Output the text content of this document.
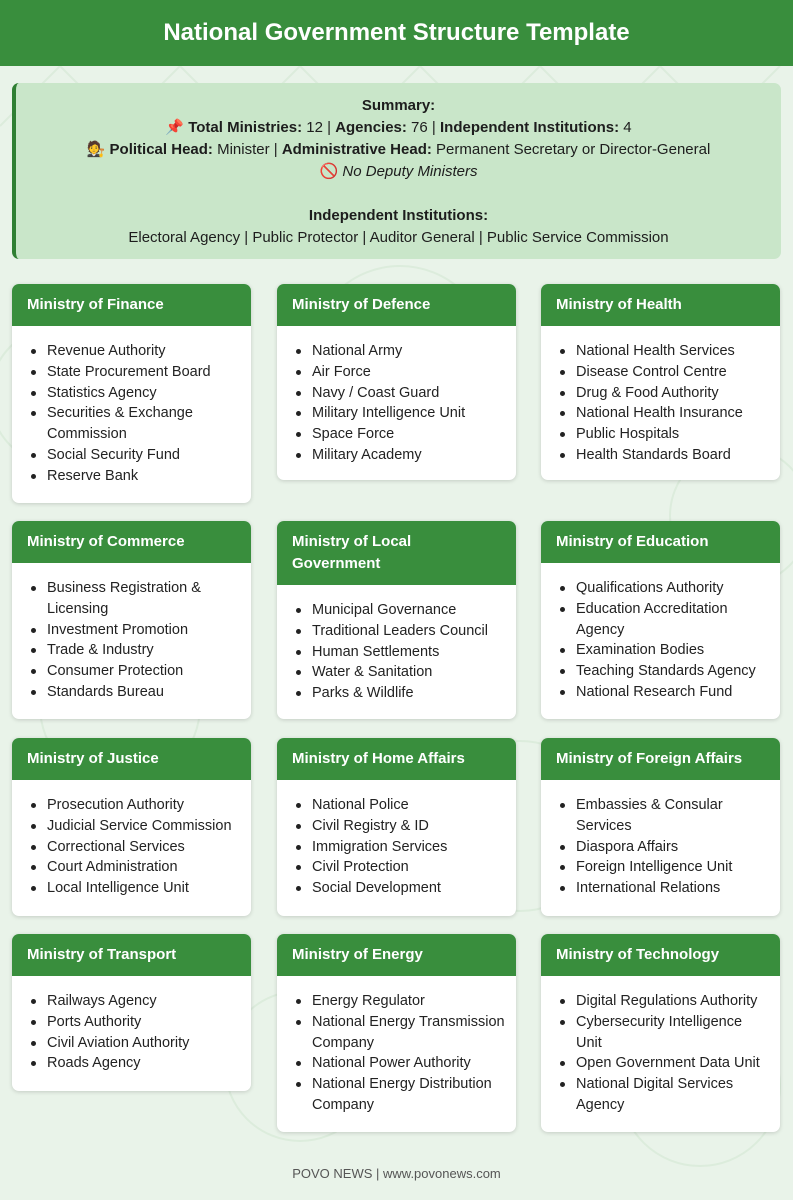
National Government Structure Template
Summary:
📌 Total Ministries: 12 | Agencies: 76 | Independent Institutions: 4
🧑‍⚖️ Political Head: Minister | Administrative Head: Permanent Secretary or Director-General
🚫 No Deputy Ministers
Independent Institutions:
Electoral Agency | Public Protector | Auditor General | Public Service Commission
Ministry of Finance
Revenue Authority
State Procurement Board
Statistics Agency
Securities & Exchange Commission
Social Security Fund
Reserve Bank
Ministry of Defence
National Army
Air Force
Navy / Coast Guard
Military Intelligence Unit
Space Force
Military Academy
Ministry of Health
National Health Services
Disease Control Centre
Drug & Food Authority
National Health Insurance
Public Hospitals
Health Standards Board
Ministry of Commerce
Business Registration & Licensing
Investment Promotion
Trade & Industry
Consumer Protection
Standards Bureau
Ministry of Local Government
Municipal Governance
Traditional Leaders Council
Human Settlements
Water & Sanitation
Parks & Wildlife
Ministry of Education
Qualifications Authority
Education Accreditation Agency
Examination Bodies
Teaching Standards Agency
National Research Fund
Ministry of Justice
Prosecution Authority
Judicial Service Commission
Correctional Services
Court Administration
Local Intelligence Unit
Ministry of Home Affairs
National Police
Civil Registry & ID
Immigration Services
Civil Protection
Social Development
Ministry of Foreign Affairs
Embassies & Consular Services
Diaspora Affairs
Foreign Intelligence Unit
International Relations
Ministry of Transport
Railways Agency
Ports Authority
Civil Aviation Authority
Roads Agency
Ministry of Energy
Energy Regulator
National Energy Transmission Company
National Power Authority
National Energy Distribution Company
Ministry of Technology
Digital Regulations Authority
Cybersecurity Intelligence Unit
Open Government Data Unit
National Digital Services Agency
POVO NEWS | www.povonews.com
